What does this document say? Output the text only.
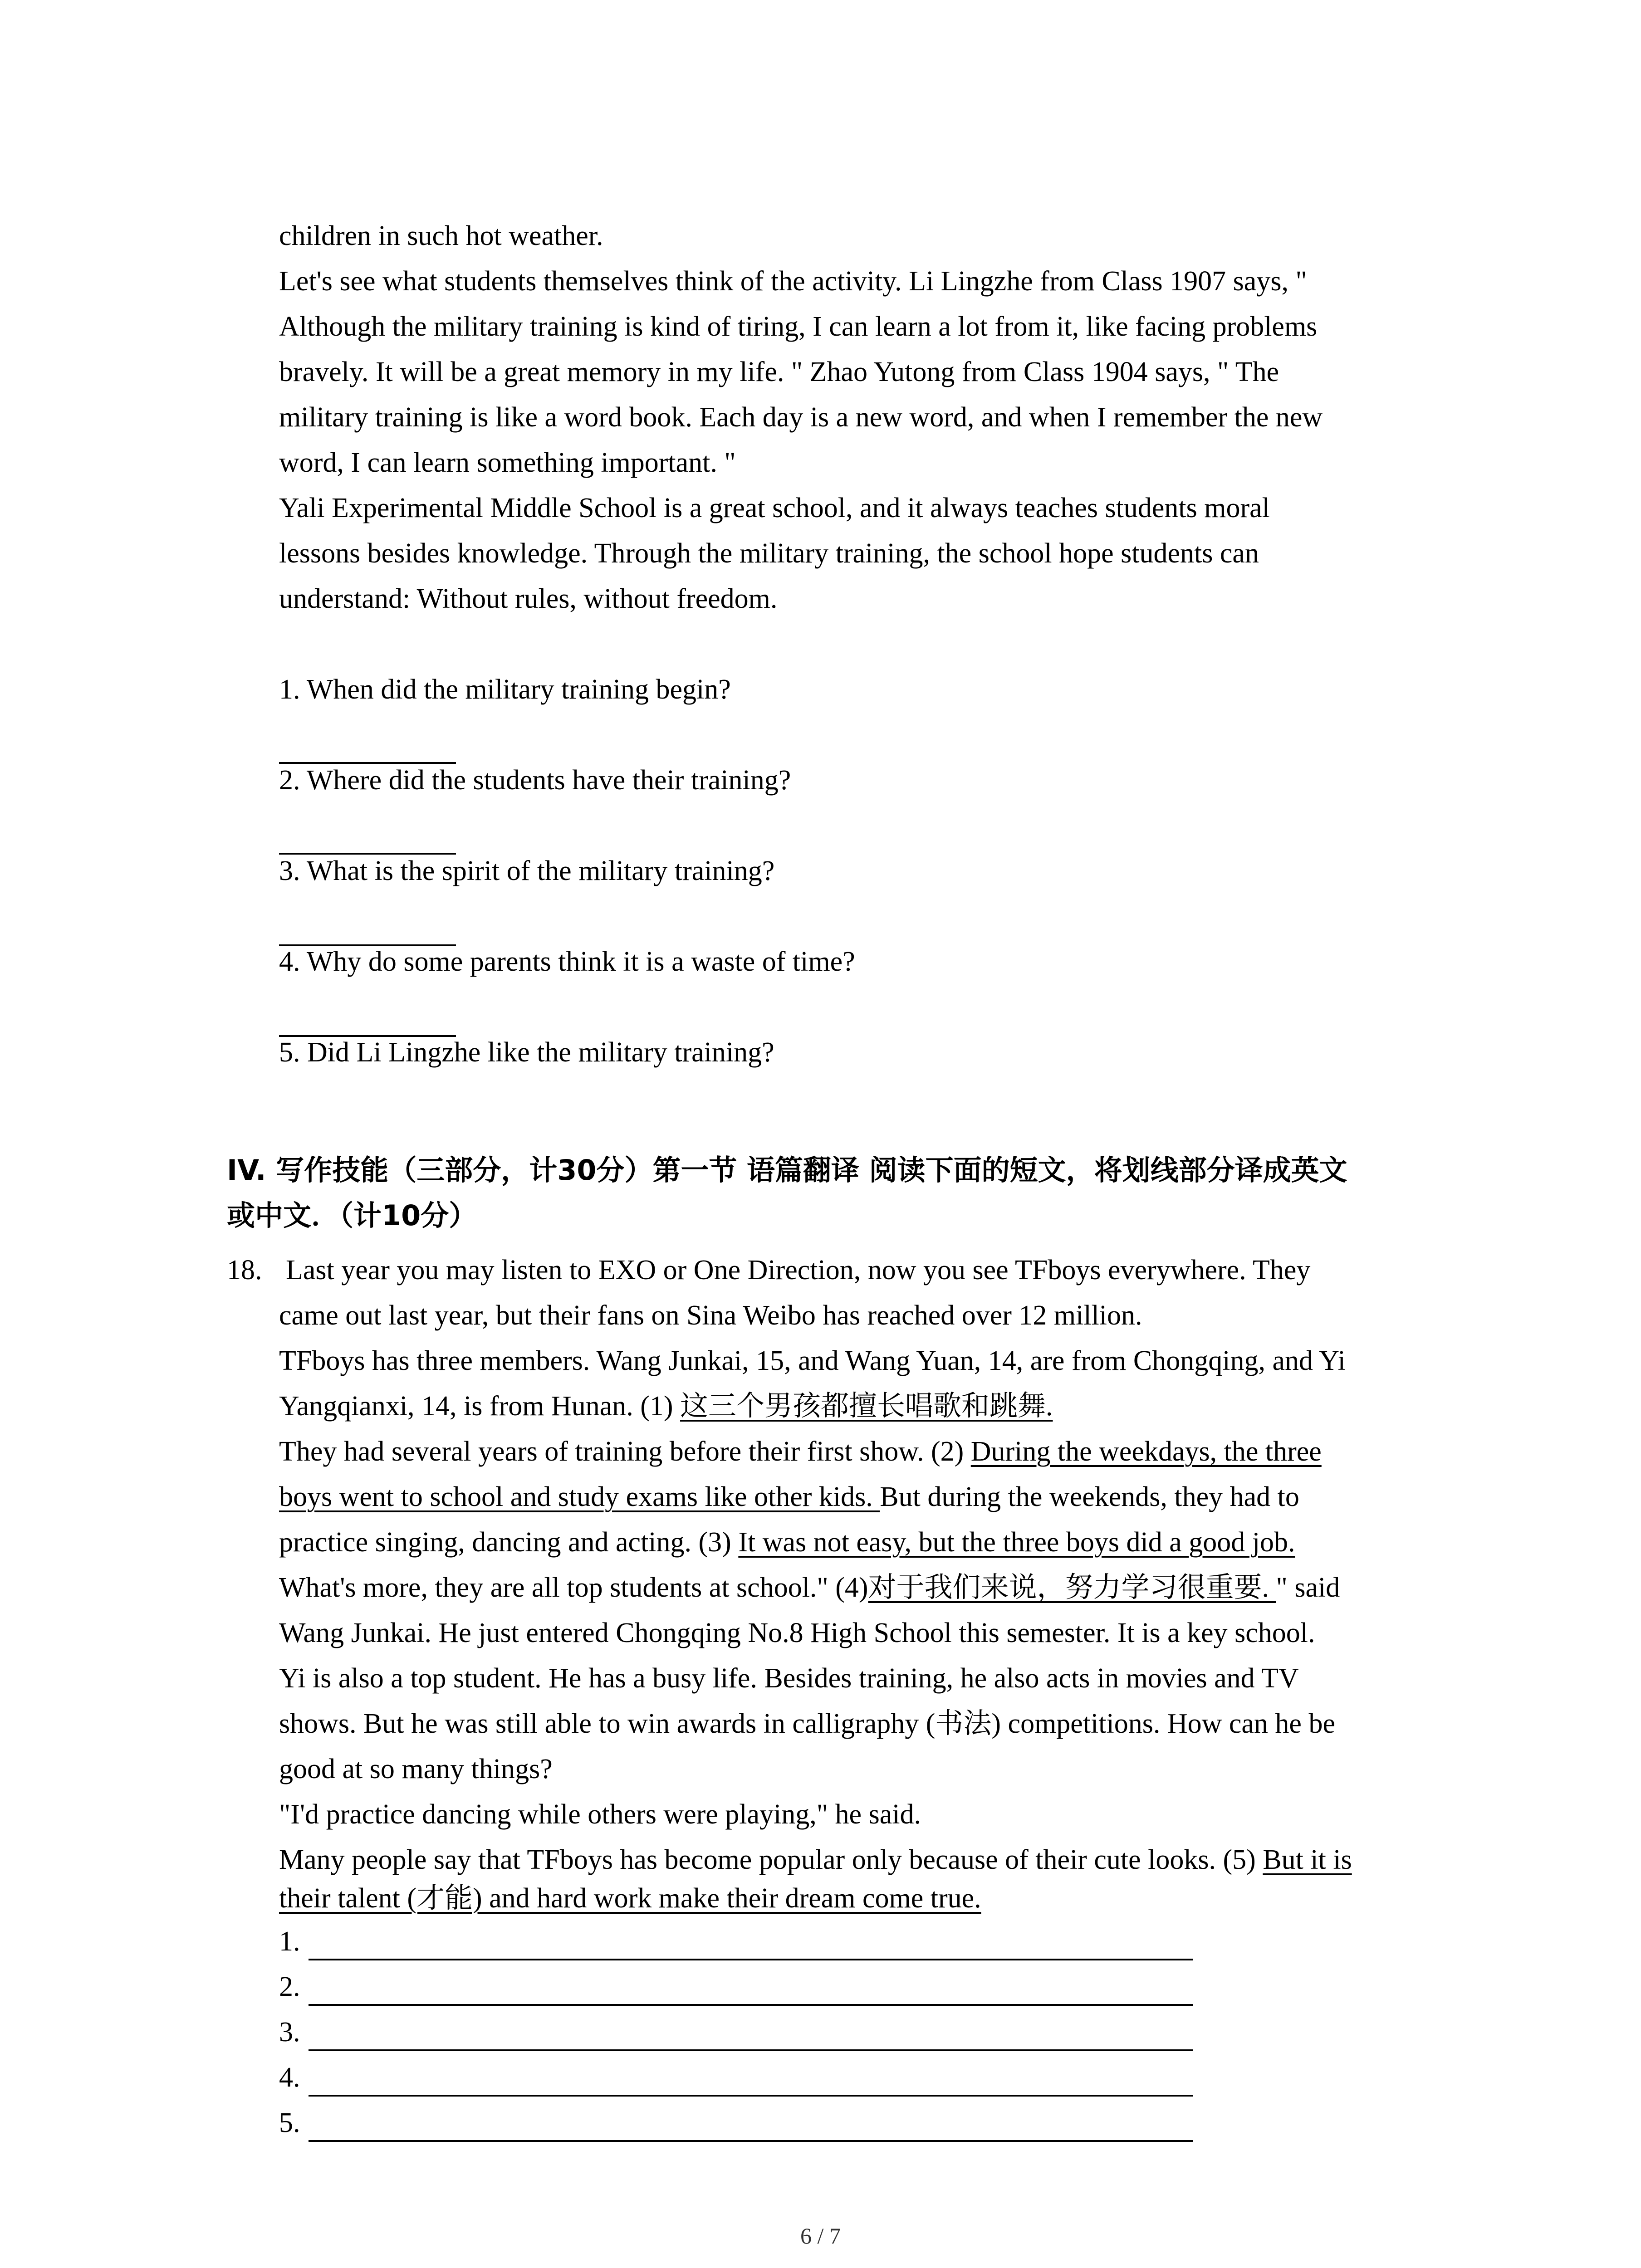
children in such hot weather.
Let's see what students themselves think of the activity. Li Lingzhe from Class 1907 says, "
Although the military training is kind of tiring, I can learn a lot from it, like facing problems
bravely. It will be a great memory in my life. " Zhao Yutong from Class 1904 says, " The
military training is like a word book. Each day is a new word, and when I remember the new
word, I can learn something important. "
Yali Experimental Middle School is a great school, and it always teaches students moral
lessons besides knowledge. Through the military training, the school hope students can
understand: Without rules, without freedom.
1. When did the military training begin?
2. Where did the students have their training?
3. What is the spirit of the military training?
4. Why do some parents think it is a waste of time?
5. Did Li Lingzhe like the military training?
IV. 写作技能（三部分，计30分）第一节 语篇翻译 阅读下面的短文，将划线部分译成英文
或中文．（计10分）
18. Last year you may listen to EXO or One Direction, now you see TFboys everywhere. They
came out last year, but their fans on Sina Weibo has reached over 12 million.
TFboys has three members. Wang Junkai, 15, and Wang Yuan, 14, are from Chongqing, and Yi
Yangqianxi, 14, is from Hunan. (1) 这三个男孩都擅长唱歌和跳舞.
They had several years of training before their first show. (2) During the weekdays, the three
boys went to school and study exams like other kids. But during the weekends, they had to
practice singing, dancing and acting. (3) It was not easy, but the three boys did a good job.
What's more, they are all top students at school." (4)对于我们来说，努力学习很重要. " said
Wang Junkai. He just entered Chongqing No.8 High School this semester. It is a key school.
Yi is also a top student. He has a busy life. Besides training, he also acts in movies and TV
shows. But he was still able to win awards in calligraphy (书法) competitions. How can he be
good at so many things?
"I'd practice dancing while others were playing," he said.
Many people say that TFboys has become popular only because of their cute looks. (5) But it is
their talent (才能) and hard work make their dream come true.
1.
2.
3.
4.
5.
6 / 7
